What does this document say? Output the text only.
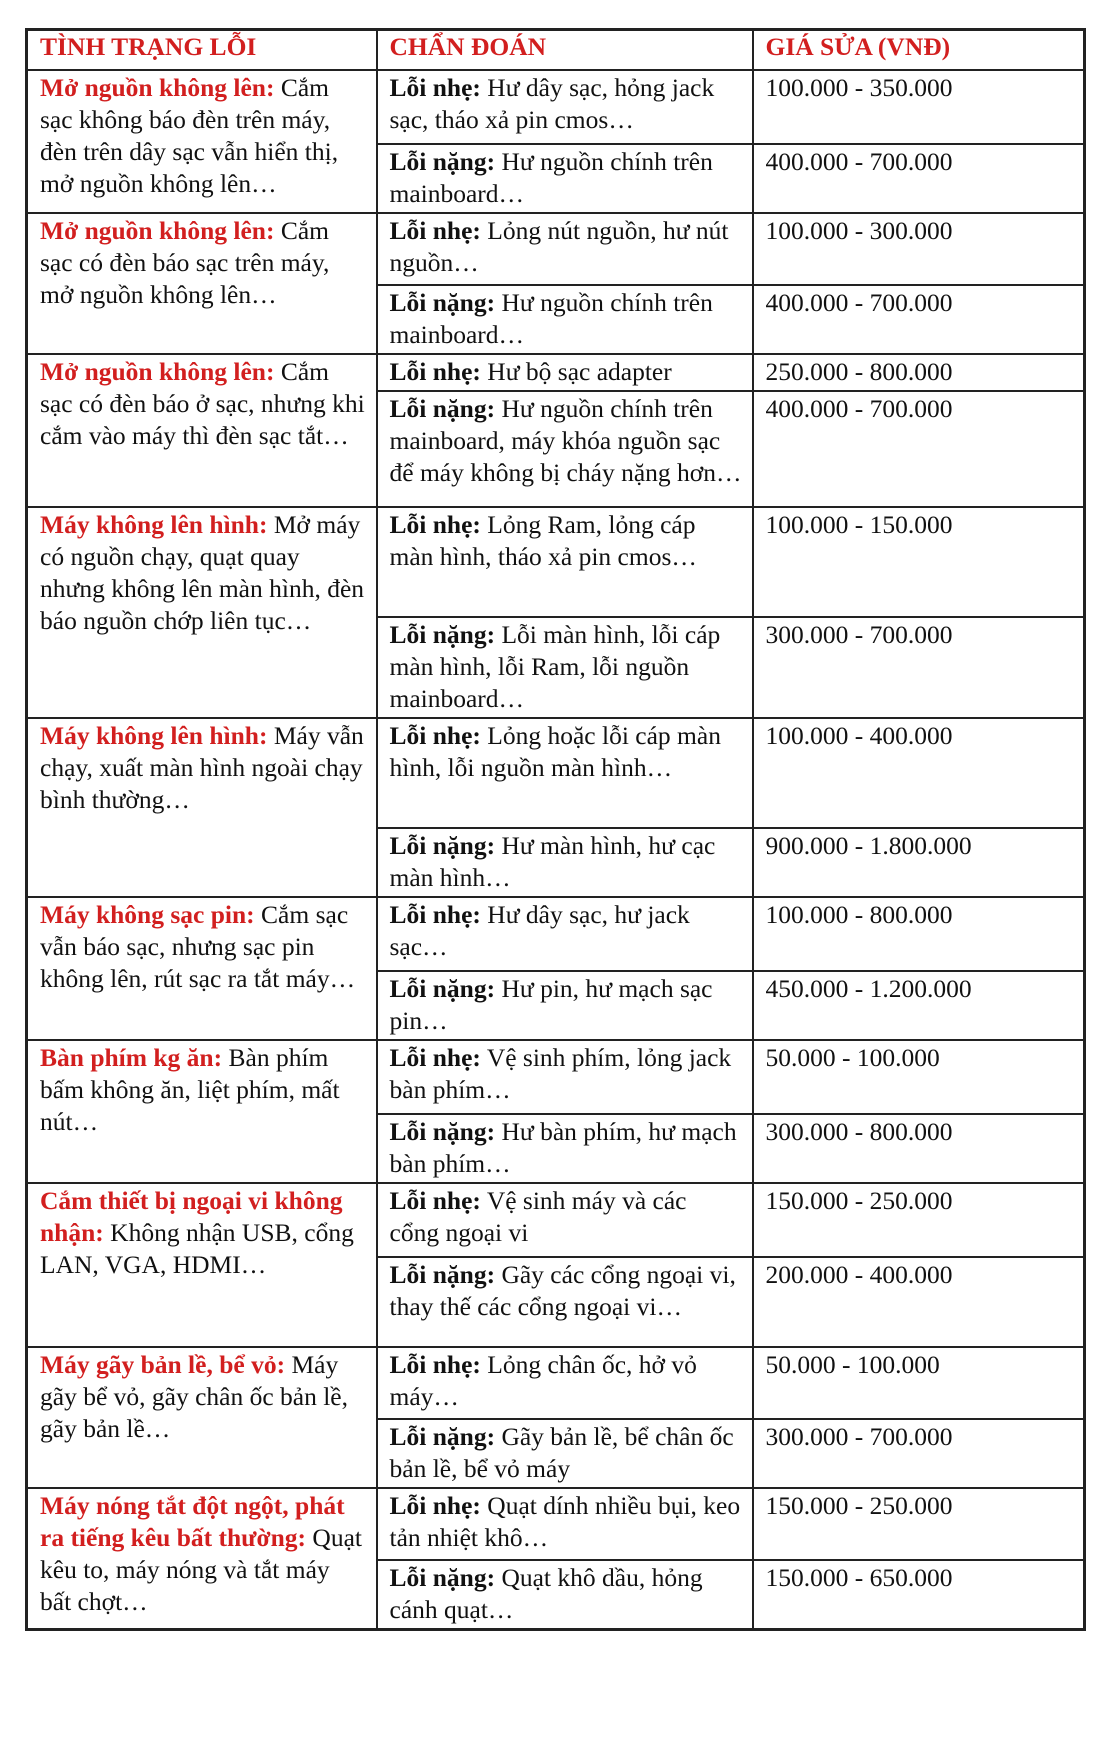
TÌNH TRẠNG LỖI	CHẨN ĐOÁN	GIÁ SỬA (VNĐ)
Mở nguồn không lên: Cắm sạc không báo đèn trên máy, đèn trên dây sạc vẫn hiển thị, mở nguồn không lên…	Lỗi nhẹ: Hư dây sạc, hỏng jack sạc, tháo xả pin cmos…	100.000 - 350.000
	Lỗi nặng: Hư nguồn chính trên mainboard…	400.000 - 700.000
Mở nguồn không lên: Cắm sạc có đèn báo sạc trên máy, mở nguồn không lên…	Lỗi nhẹ: Lỏng nút nguồn, hư nút nguồn…	100.000 - 300.000
	Lỗi nặng: Hư nguồn chính trên mainboard…	400.000 - 700.000
Mở nguồn không lên: Cắm sạc có đèn báo ở sạc, nhưng khi cắm vào máy thì đèn sạc tắt…	Lỗi nhẹ: Hư bộ sạc adapter	250.000 - 800.000
	Lỗi nặng: Hư nguồn chính trên mainboard, máy khóa nguồn sạc để máy không bị cháy nặng hơn…	400.000 - 700.000
Máy không lên hình: Mở máy có nguồn chạy, quạt quay nhưng không lên màn hình, đèn báo nguồn chớp liên tục…	Lỗi nhẹ: Lỏng Ram, lỏng cáp màn hình, tháo xả pin cmos…	100.000 - 150.000
	Lỗi nặng: Lỗi màn hình, lỗi cáp màn hình, lỗi Ram, lỗi nguồn mainboard…	300.000 - 700.000
Máy không lên hình: Máy vẫn chạy, xuất màn hình ngoài chạy bình thường…	Lỗi nhẹ: Lỏng hoặc lỗi cáp màn hình, lỗi nguồn màn hình…	100.000 - 400.000
	Lỗi nặng: Hư màn hình, hư cạc màn hình…	900.000 - 1.800.000
Máy không sạc pin: Cắm sạc vẫn báo sạc, nhưng sạc pin không lên, rút sạc ra tắt máy…	Lỗi nhẹ: Hư dây sạc, hư jack sạc…	100.000 - 800.000
	Lỗi nặng: Hư pin, hư mạch sạc pin…	450.000 - 1.200.000
Bàn phím kg ăn: Bàn phím bấm không ăn, liệt phím, mất nút…	Lỗi nhẹ: Vệ sinh phím, lỏng jack bàn phím…	50.000 - 100.000
	Lỗi nặng: Hư bàn phím, hư mạch bàn phím…	300.000 - 800.000
Cắm thiết bị ngoại vi không nhận: Không nhận USB, cổng LAN, VGA, HDMI…	Lỗi nhẹ: Vệ sinh máy và các cổng ngoại vi	150.000 - 250.000
	Lỗi nặng: Gãy các cổng ngoại vi, thay thế các cổng ngoại vi…	200.000 - 400.000
Máy gãy bản lề, bể vỏ: Máy gãy bể vỏ, gãy chân ốc bản lề, gãy bản lề…	Lỗi nhẹ: Lỏng chân ốc, hở vỏ máy…	50.000 - 100.000
	Lỗi nặng: Gãy bản lề, bể chân ốc bản lề, bể vỏ máy	300.000 - 700.000
Máy nóng tắt đột ngột, phát ra tiếng kêu bất thường: Quạt kêu to, máy nóng và tắt máy bất chợt…	Lỗi nhẹ: Quạt dính nhiều bụi, keo tản nhiệt khô…	150.000 - 250.000
	Lỗi nặng: Quạt khô dầu, hỏng cánh quạt…	150.000 - 650.000
